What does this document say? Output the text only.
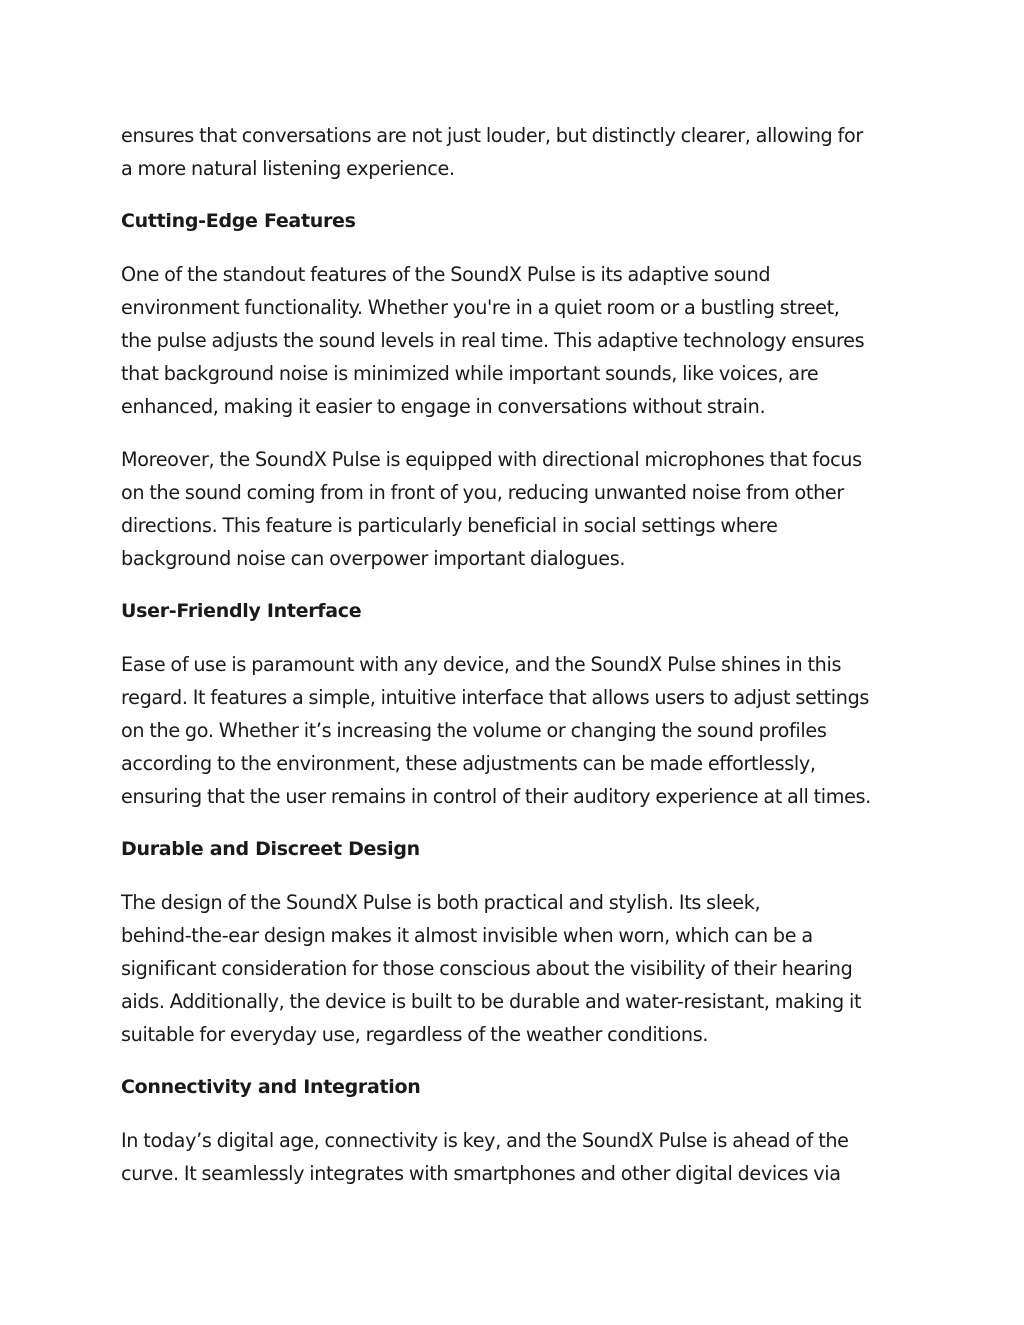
ensures that conversations are not just louder, but distinctly clearer, allowing for
a more natural listening experience.

Cutting-Edge Features

One of the standout features of the SoundX Pulse is its adaptive sound
environment functionality. Whether you're in a quiet room or a bustling street,
the pulse adjusts the sound levels in real time. This adaptive technology ensures
that background noise is minimized while important sounds, like voices, are
enhanced, making it easier to engage in conversations without strain.

Moreover, the SoundX Pulse is equipped with directional microphones that focus
on the sound coming from in front of you, reducing unwanted noise from other
directions. This feature is particularly beneficial in social settings where
background noise can overpower important dialogues.

User-Friendly Interface

Ease of use is paramount with any device, and the SoundX Pulse shines in this
regard. It features a simple, intuitive interface that allows users to adjust settings
on the go. Whether it’s increasing the volume or changing the sound profiles
according to the environment, these adjustments can be made effortlessly,
ensuring that the user remains in control of their auditory experience at all times.

Durable and Discreet Design

The design of the SoundX Pulse is both practical and stylish. Its sleek,
behind-the-ear design makes it almost invisible when worn, which can be a
significant consideration for those conscious about the visibility of their hearing
aids. Additionally, the device is built to be durable and water-resistant, making it
suitable for everyday use, regardless of the weather conditions.

Connectivity and Integration

In today’s digital age, connectivity is key, and the SoundX Pulse is ahead of the
curve. It seamlessly integrates with smartphones and other digital devices via
